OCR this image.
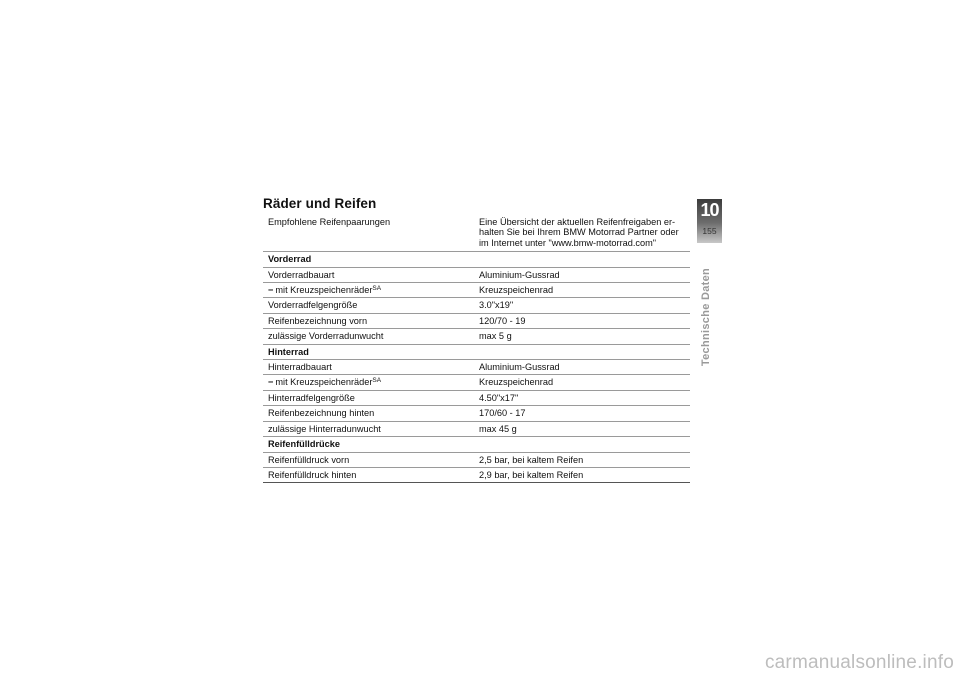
Räder und Reifen
Empfohlene Reifenpaarungen	Eine Übersicht der aktuellen Reifenfreigaben er-halten Sie bei Ihrem BMW Motorrad Partner oder im Internet unter "www.bmw-motorrad.com"
Vorderrad	
Vorderradbauart	Aluminium-Gussrad
− mit Kreuzspeichenräder$^{SA}$	Kreuzspeichenrad
Vorderradfelgengröße	3.0"x19"
Reifenbezeichnung vorn	120/70 - 19
zulässige Vorderradunwucht	max 5 g
Hinterrad	
Hinterradbauart	Aluminium-Gussrad
− mit Kreuzspeichenräder$^{SA}$	Kreuzspeichenrad
Hinterradfelgengröße	4.50"x17"
Reifenbezeichnung hinten	170/60 - 17
zulässige Hinterradunwucht	max 45 g
Reifenfülldrücke	
Reifenfülldruck vorn	2,5 bar, bei kaltem Reifen
Reifenfülldruck hinten	2,9 bar, bei kaltem Reifen
10
155
Technische Daten
carmanualsonline.info
